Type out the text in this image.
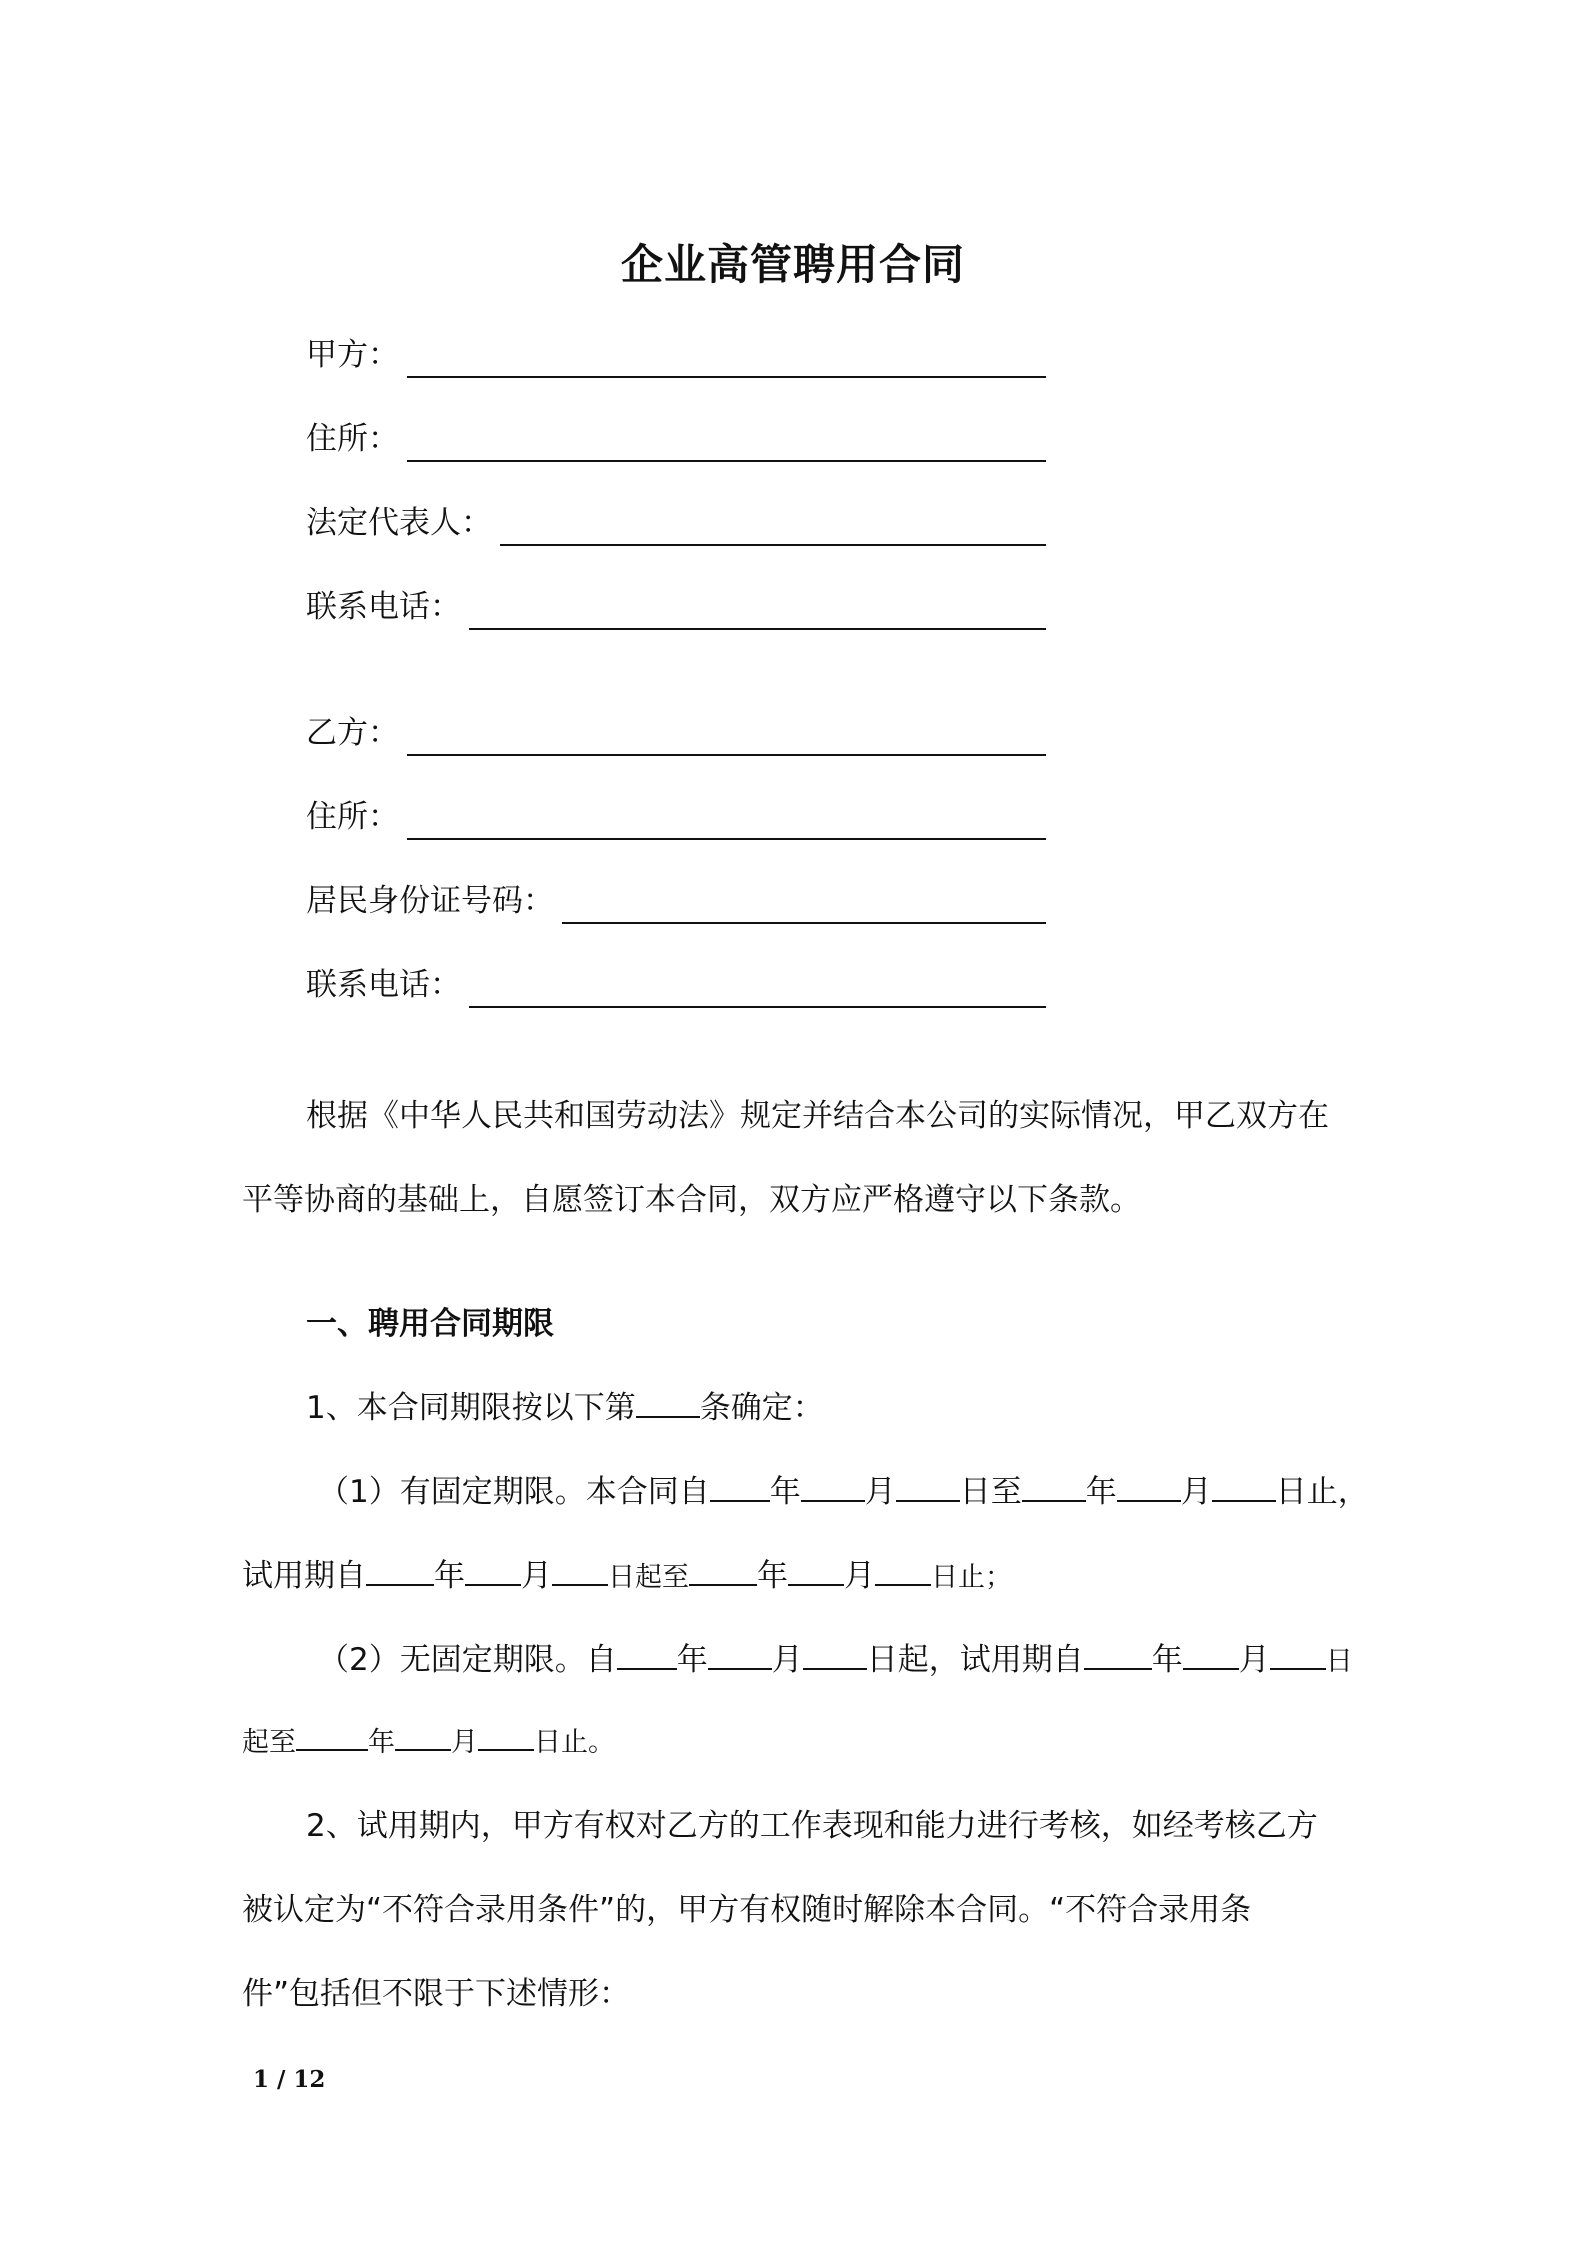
企业高管聘用合同
甲方：
住所：
法定代表人：
联系电话：
乙方：
住所：
居民身份证号码：
联系电话：
根据《中华人民共和国劳动法》规定并结合本公司的实际情况，甲乙双方在
平等协商的基础上，自愿签订本合同，双方应严格遵守以下条款。
一、聘用合同期限
1、本合同期限按以下第 条确定：
（1）有固定期限。本合同自 年 月 日至 年 月 日止，
试用期自 年 月 日起至 年 月 日止；
（2）无固定期限。自 年 月 日起，试用期自 年 月 日
起至	年 月 日止。
2、试用期内，甲方有权对乙方的工作表现和能力进行考核，如经考核乙方
被认定为“不符合录用条件”的，甲方有权随时解除本合同。“不符合录用条
件”包括但不限于下述情形：
1 / 12
